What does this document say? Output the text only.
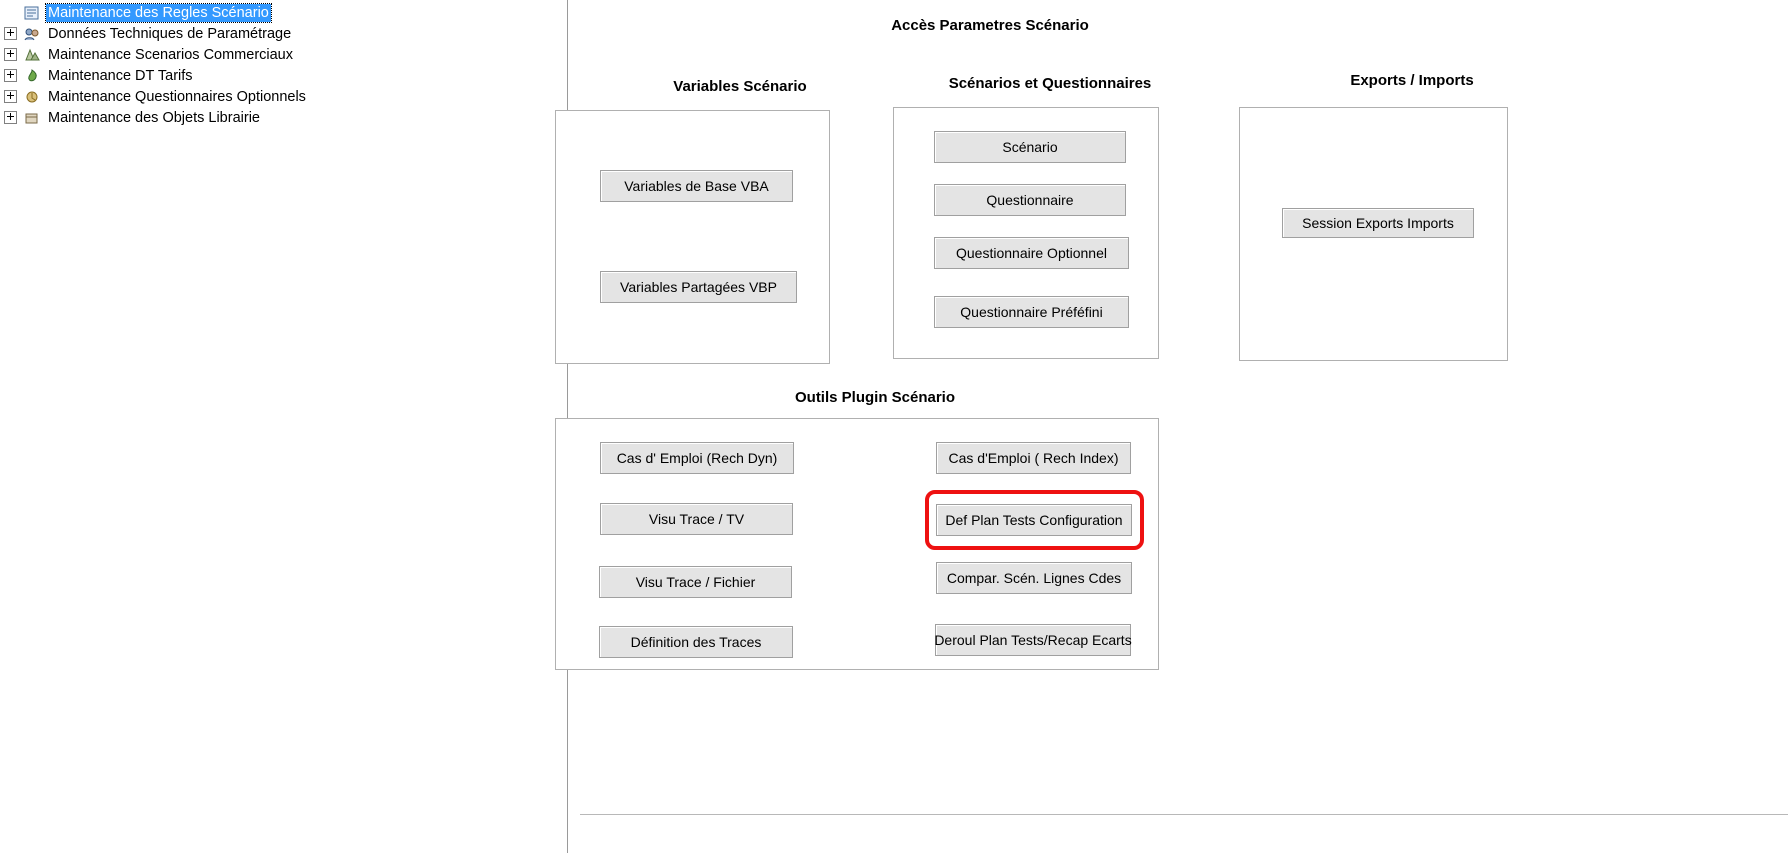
Maintenance des Regles Scénario
Données Techniques de Paramétrage
Maintenance Scenarios Commerciaux
Maintenance DT Tarifs
Maintenance Questionnaires Optionnels
Maintenance des Objets Librairie
Accès Parametres Scénario
Variables Scénario
Variables de Base VBA
Variables Partagées VBP
Scénarios et Questionnaires
Scénario
Questionnaire
Questionnaire Optionnel
Questionnaire Préféfini
Exports / Imports
Session Exports Imports
Outils Plugin Scénario
Cas d' Emploi (Rech Dyn)
Visu Trace / TV
Visu Trace / Fichier
Définition des Traces
Cas d'Emploi ( Rech Index)
Def Plan Tests Configuration
Compar. Scén. Lignes Cdes
Deroul Plan Tests/Recap Ecarts
